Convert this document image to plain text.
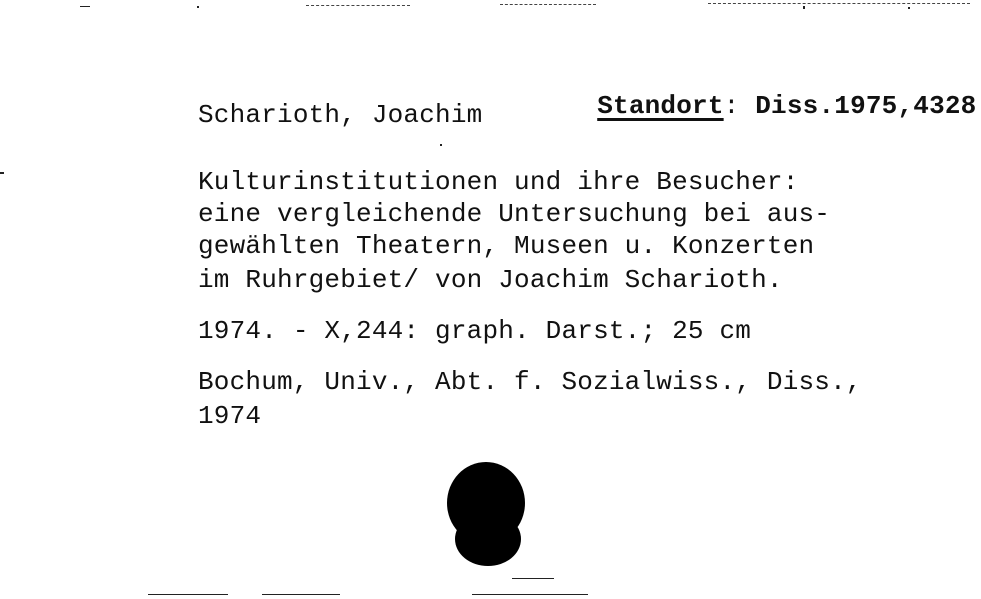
Standort: Diss.1975,4328

Scharioth, Joachim
Kulturinstitutionen und ihre Besucher:
eine vergleichende Untersuchung bei aus-
gewählten Theatern, Museen u. Konzerten
im Ruhrgebiet/ von Joachim Scharioth.
1974. - X,244: graph. Darst.; 25 cm
Bochum, Univ., Abt. f. Sozialwiss., Diss.,
1974
